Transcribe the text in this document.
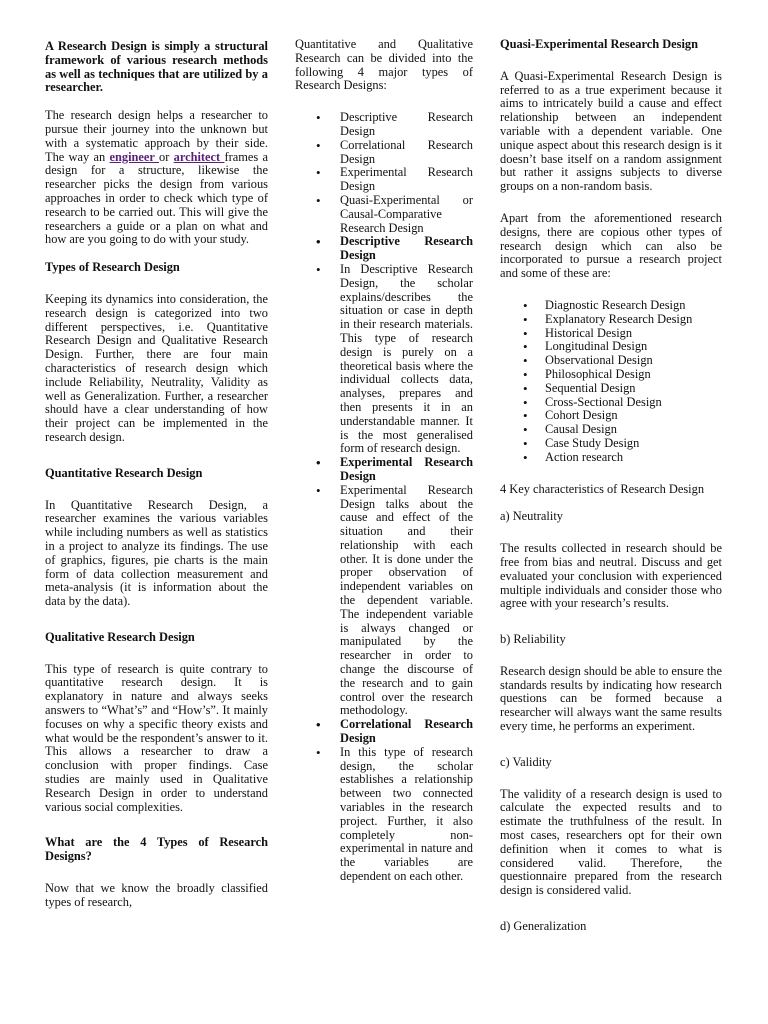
A Research Design is simply a structural framework of various research methods as well as techniques that are utilized by a researcher.

The research design helps a researcher to pursue their journey into the unknown but with a systematic approach by their side. The way an engineer or architect frames a design for a structure, likewise the researcher picks the design from various approaches in order to check which type of research to be carried out. This will give the researchers a guide or a plan on what and how are you going to do with your study.

Types of Research Design

Keeping its dynamics into consideration, the research design is categorized into two different perspectives, i.e. Quantitative Research Design and Qualitative Research Design. Further, there are four main characteristics of research design which include Reliability, Neutrality, Validity as well as Generalization. Further, a researcher should have a clear understanding of how their project can be implemented in the research design.

Quantitative Research Design

In Quantitative Research Design, a researcher examines the various variables while including numbers as well as statistics in a project to analyze its findings. The use of graphics, figures, pie charts is the main form of data collection measurement and meta-analysis (it is information about the data by the data).

Qualitative Research Design

This type of research is quite contrary to quantitative research design. It is explanatory in nature and always seeks answers to “What’s” and “How’s”. It mainly focuses on why a specific theory exists and what would be the respondent’s answer to it. This allows a researcher to draw a conclusion with proper findings. Case studies are mainly used in Qualitative Research Design in order to understand various social complexities.

What are the 4 Types of Research Designs?

Now that we know the broadly classified types of research,

Quantitative and Qualitative Research can be divided into the following 4 major types of Research Designs:

• Descriptive Research Design
• Correlational Research Design
• Experimental Research Design
• Quasi-Experimental or Causal-Comparative Research Design
• Descriptive Research Design
• In Descriptive Research Design, the scholar explains/describes the situation or case in depth in their research materials. This type of research design is purely on a theoretical basis where the individual collects data, analyses, prepares and then presents it in an understandable manner. It is the most generalised form of research design.
• Experimental Research Design
• Experimental Research Design talks about the cause and effect of the situation and their relationship with each other. It is done under the proper observation of independent variables on the dependent variable. The independent variable is always changed or manipulated by the researcher in order to change the discourse of the research and to gain control over the research methodology.
• Correlational Research Design
• In this type of research design, the scholar establishes a relationship between two connected variables in the research project. Further, it also completely non-experimental in nature and the variables are dependent on each other.
Quasi-Experimental Research Design

A Quasi-Experimental Research Design is referred to as a true experiment because it aims to intricately build a cause and effect relationship between an independent variable with a dependent variable. One unique aspect about this research design is it doesn’t base itself on a random assignment but rather it assigns subjects to diverse groups on a non-random basis.

Apart from the aforementioned research designs, there are copious other types of research design which can also be incorporated to pursue a research project and some of these are:

• Diagnostic Research Design
• Explanatory Research Design
• Historical Design
• Longitudinal Design
• Observational Design
• Philosophical Design
• Sequential Design
• Cross-Sectional Design
• Cohort Design
• Causal Design
• Case Study Design
• Action research

4 Key characteristics of Research Design

a) Neutrality

The results collected in research should be free from bias and neutral. Discuss and get evaluated your conclusion with experienced multiple individuals and consider those who agree with your research’s results.

b) Reliability

Research design should be able to ensure the standards results by indicating how research questions can be formed because a researcher will always want the same results every time, he performs an experiment.

c) Validity

The validity of a research design is used to calculate the expected results and to estimate the truthfulness of the result. In most cases, researchers opt for their own definition when it comes to what is considered valid. Therefore, the questionnaire prepared from the research design is considered valid.

d) Generalization
